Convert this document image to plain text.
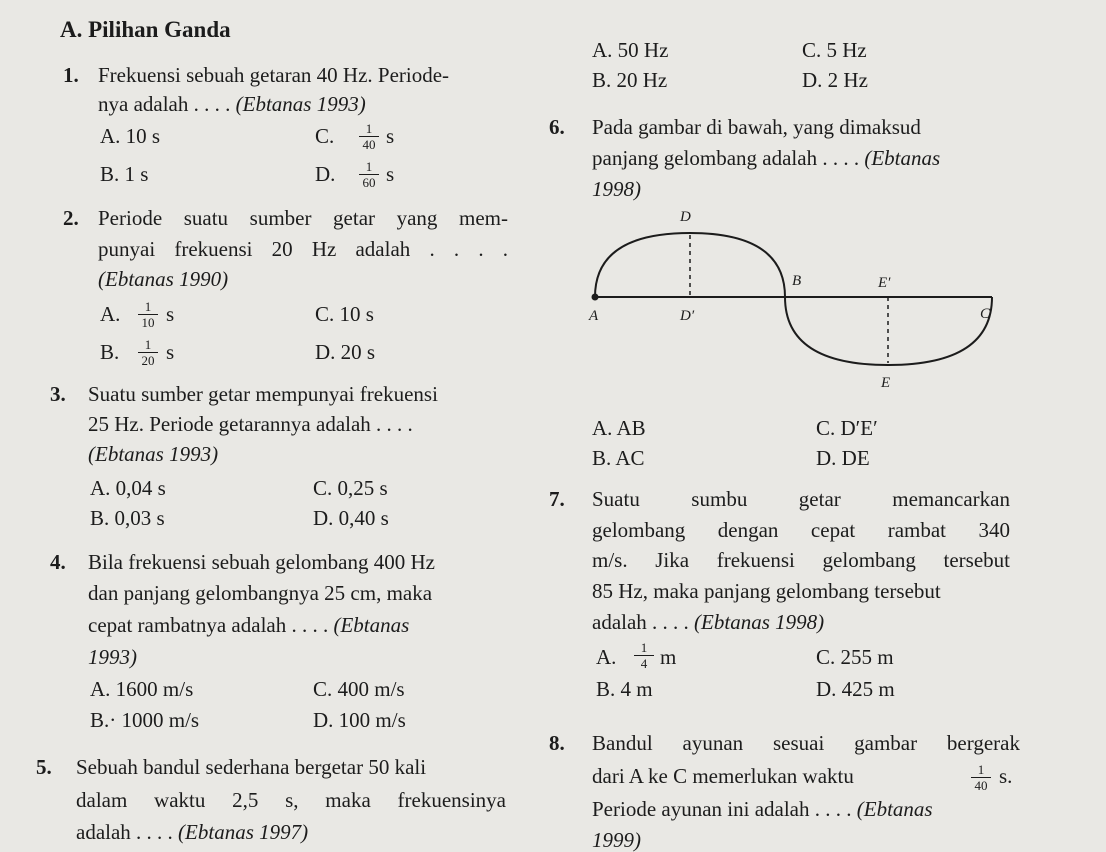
A. Pilihan Ganda
1. Frekuensi sebuah getaran 40 Hz. Periode-
nya adalah . . . . (Ebtanas 1993)
A. 10 s	C. $\frac{1}{40}$ s
B. 1 s	D. $\frac{1}{60}$ s
2. Periode suatu sumber getar yang mem-
punyai frekuensi 20 Hz adalah . . . .
(Ebtanas 1990)
A. $\frac{1}{10}$ s	C. 10 s
B. $\frac{1}{20}$ s	D. 20 s
3. Suatu sumber getar mempunyai frekuensi
25 Hz. Periode getarannya adalah . . . .
(Ebtanas 1993)
A. 0,04 s	C. 0,25 s
B. 0,03 s	D. 0,40 s
4. Bila frekuensi sebuah gelombang 400 Hz
dan panjang gelombangnya 25 cm, maka
cepat rambatnya adalah . . . . (Ebtanas
1993)
A. 1600 m/s	C. 400 m/s
B.· 1000 m/s	D. 100 m/s
5. Sebuah bandul sederhana bergetar 50 kali
dalam waktu 2,5 s, maka frekuensinya
adalah . . . . (Ebtanas 1997)
A. 50 Hz	C. 5 Hz
B. 20 Hz	D. 2 Hz
6. Pada gambar di bawah, yang dimaksud
panjang gelombang adalah . . . . (Ebtanas
1998)
D
A
B
D′
E′
C
E
A. AB	C. D′E′
B. AC	D. DE
7. Suatu sumbu getar memancarkan
gelombang dengan cepat rambat 340
m/s. Jika frekuensi gelombang tersebut
85 Hz, maka panjang gelombang tersebut
adalah . . . . (Ebtanas 1998)
A. $\frac{1}{4}$ m	C. 255 m
B. 4 m	D. 425 m
8. Bandul ayunan sesuai gambar bergerak
dari A ke C memerlukan waktu	$\frac{1}{40} s$.
Periode ayunan ini adalah . . . . (Ebtanas
1999)
